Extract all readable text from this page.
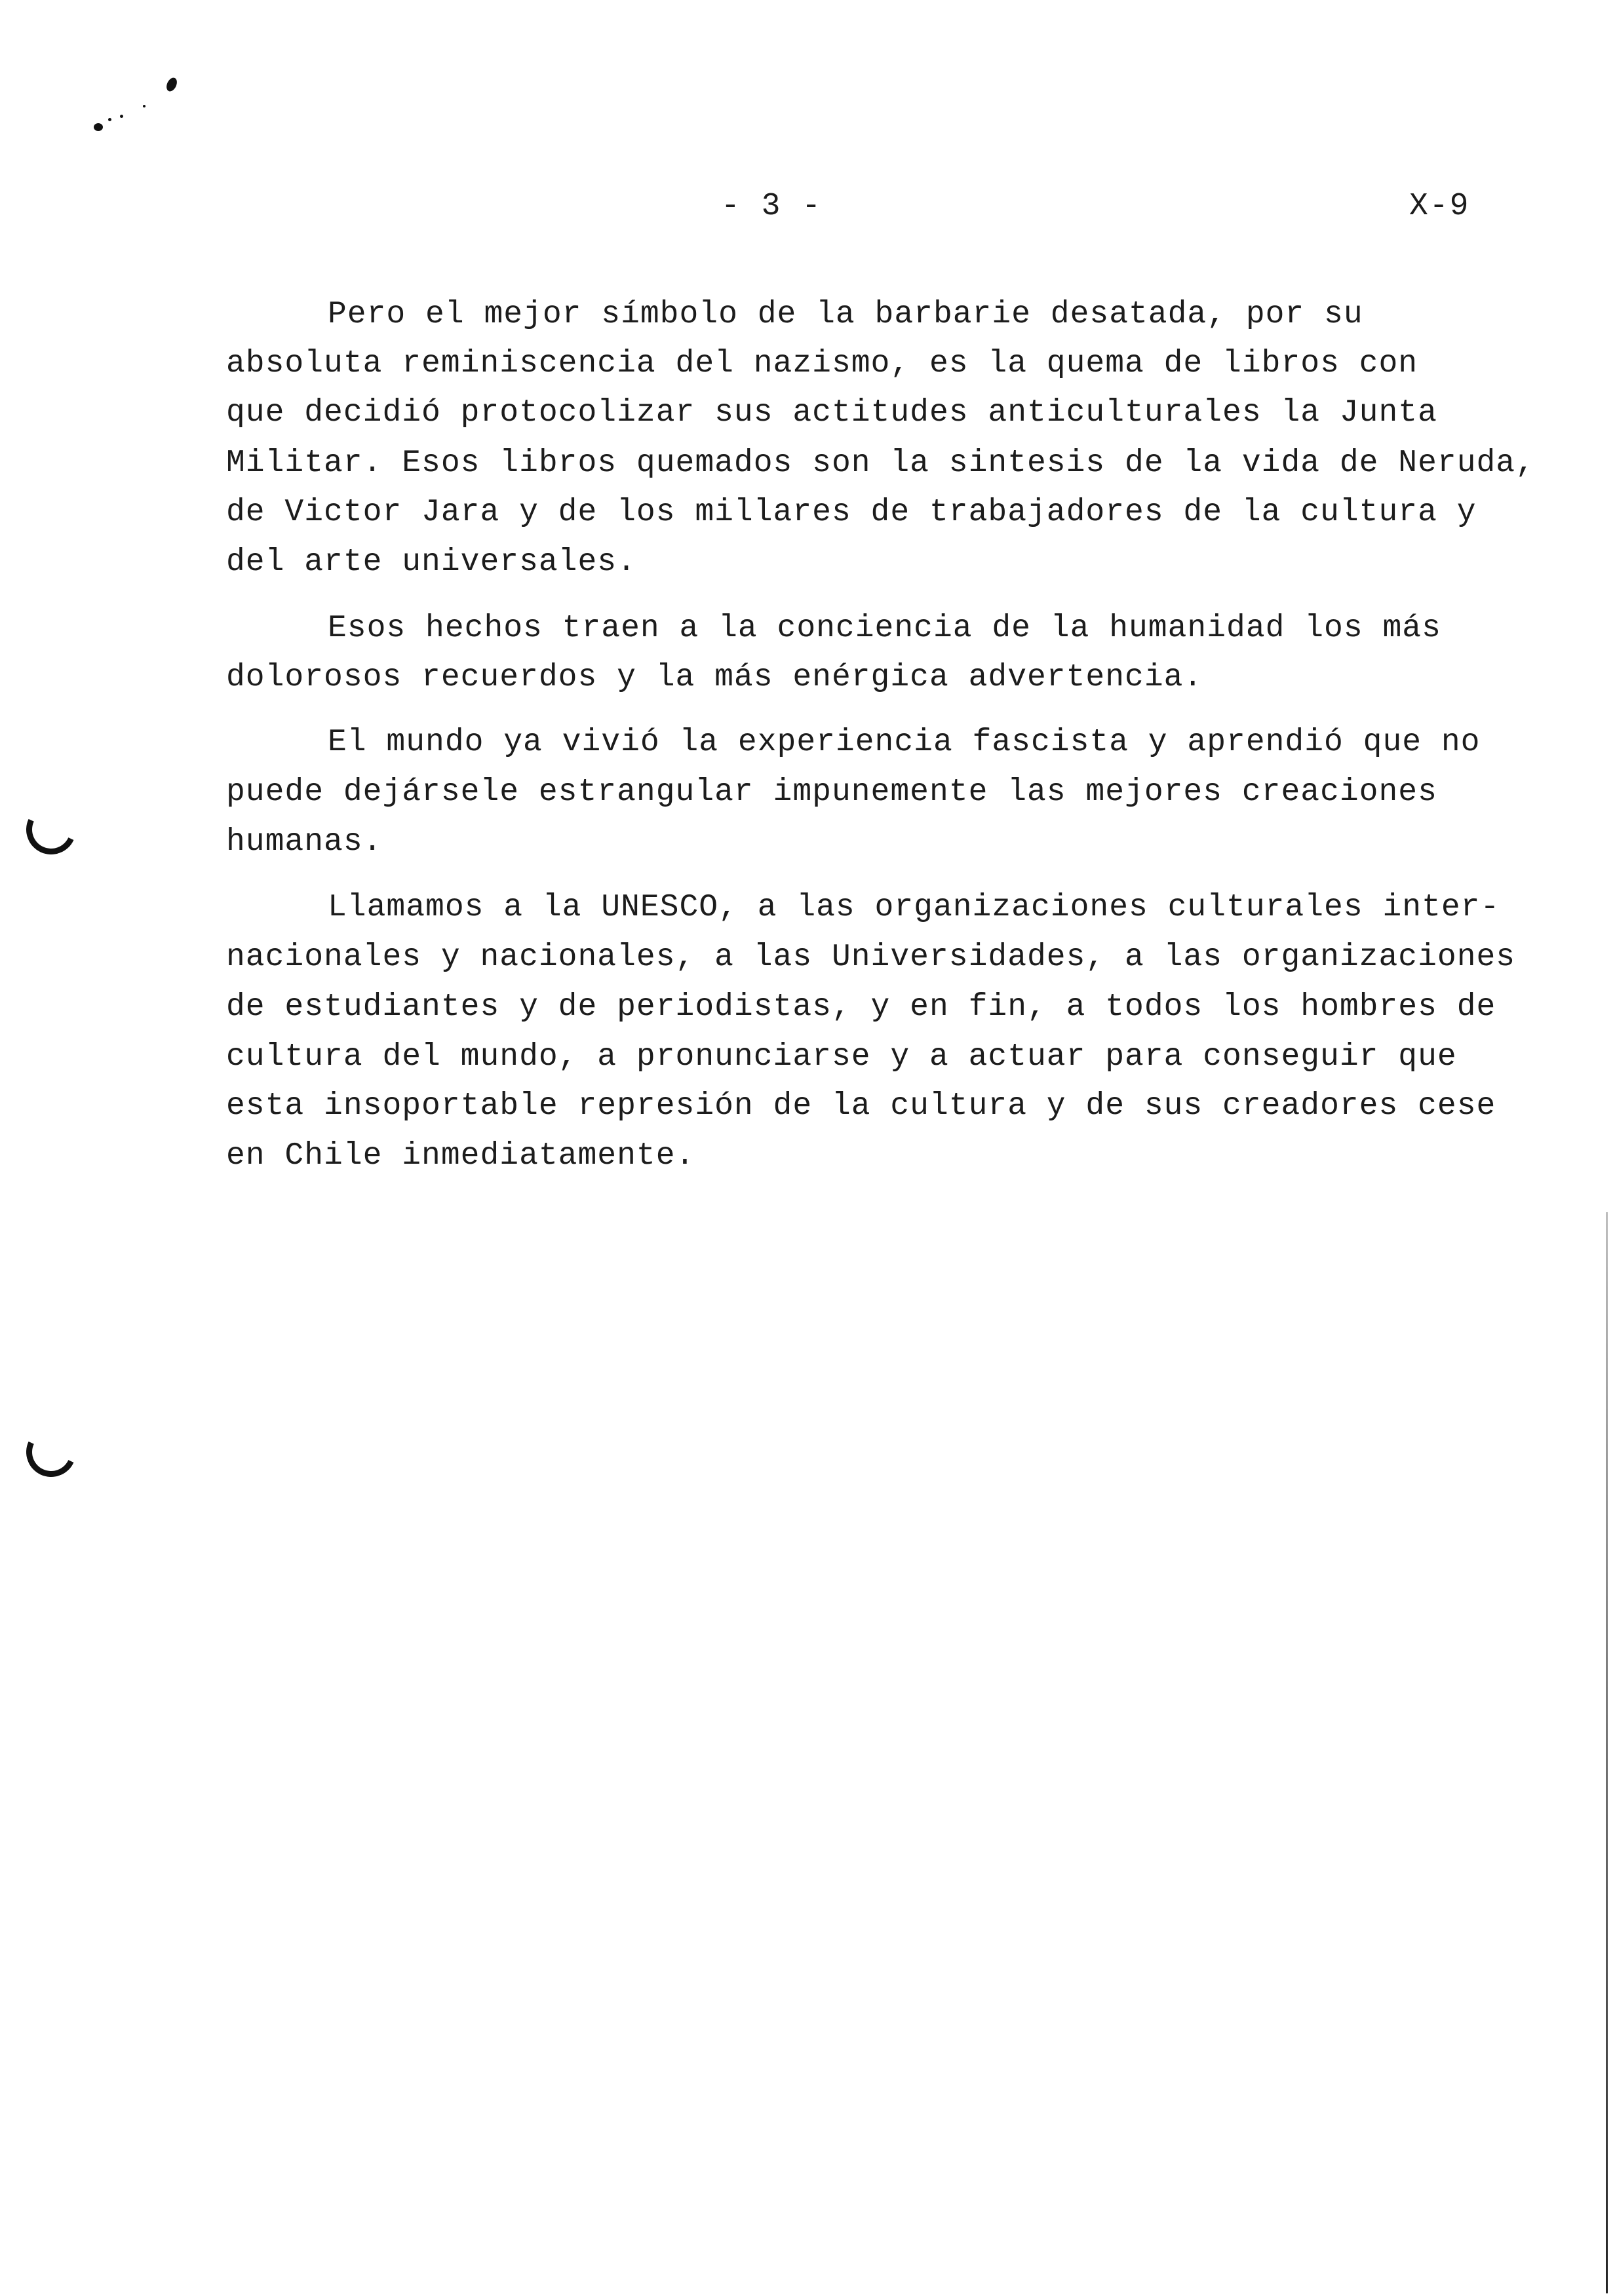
- 3 -	X-9
Pero el mejor símbolo de la barbarie desatada, por su
absoluta reminiscencia del nazismo, es la quema de libros con
que decidió protocolizar sus actitudes anticulturales la Junta
Militar. Esos libros quemados son la sintesis de la vida de Neruda,
de Victor Jara y de los millares de trabajadores de la cultura y
del arte universales.
Esos hechos traen a la conciencia de la humanidad los más
dolorosos recuerdos y la más enérgica advertencia.
El mundo ya vivió la experiencia fascista y aprendió que no
puede dejársele estrangular impunemente las mejores creaciones
humanas.
Llamamos a la UNESCO, a las organizaciones culturales inter-
nacionales y nacionales, a las Universidades, a las organizaciones
de estudiantes y de periodistas, y en fin, a todos los hombres de
cultura del mundo, a pronunciarse y a actuar para conseguir que
esta insoportable represión de la cultura y de sus creadores cese
en Chile inmediatamente.
